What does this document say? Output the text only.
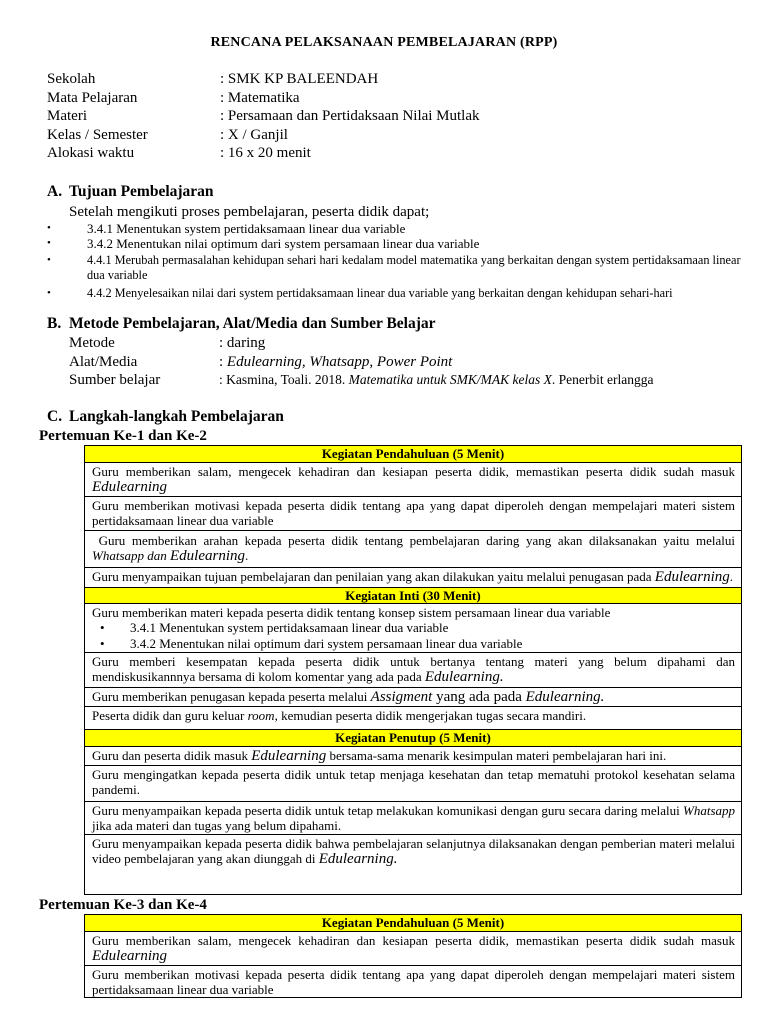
RENCANA PELAKSANAAN PEMBELAJARAN (RPP)
Sekolah	: SMK KP BALEENDAH
Mata Pelajaran	: Matematika
Materi	: Persamaan dan Pertidaksaan Nilai Mutlak
Kelas / Semester	: X / Ganjil
Alokasi waktu	: 16 x 20 menit
A. Tujuan Pembelajaran
Setelah mengikuti proses pembelajaran, peserta didik dapat;
•	3.4.1 Menentukan system pertidaksamaan linear dua variable
•	3.4.2 Menentukan nilai optimum dari system persamaan linear dua variable
•	4.4.1 Merubah permasalahan kehidupan sehari hari kedalam model matematika yang berkaitan dengan system pertidaksamaan linear dua variable
•	4.4.2 Menyelesaikan nilai dari system pertidaksamaan linear dua variable yang berkaitan dengan kehidupan sehari-hari
B. Metode Pembelajaran, Alat/Media dan Sumber Belajar
Metode	: daring
Alat/Media	: Edulearning, Whatsapp, Power Point
Sumber belajar	: Kasmina, Toali. 2018. Matematika untuk SMK/MAK kelas X. Penerbit erlangga
C. Langkah-langkah Pembelajaran
Pertemuan Ke-1 dan Ke-2
Kegiatan Pendahuluan (5 Menit)
Guru memberikan salam, mengecek kehadiran dan kesiapan peserta didik, memastikan peserta didik sudah masuk Edulearning
Guru memberikan motivasi kepada peserta didik tentang apa yang dapat diperoleh dengan mempelajari materi sistem pertidaksamaan linear dua variable
Guru memberikan arahan kepada peserta didik tentang pembelajaran daring yang akan dilaksanakan yaitu melalui Whatsapp dan Edulearning.
Guru menyampaikan tujuan pembelajaran dan penilaian yang akan dilakukan yaitu melalui penugasan pada Edulearning.
Kegiatan Inti (30 Menit)
Guru memberikan materi kepada peserta didik tentang konsep sistem persamaan linear dua variable
•	3.4.1 Menentukan system pertidaksamaan linear dua variable
•	3.4.2 Menentukan nilai optimum dari system persamaan linear dua variable
Guru memberi kesempatan kepada peserta didik untuk bertanya tentang materi yang belum dipahami dan mendiskusikannnya bersama di kolom komentar yang ada pada Edulearning.
Guru memberikan penugasan kepada peserta melalui Assigment yang ada pada Edulearning.
Peserta didik dan guru keluar room, kemudian peserta didik mengerjakan tugas secara mandiri.
Kegiatan Penutup (5 Menit)
Guru dan peserta didik masuk Edulearning bersama-sama menarik kesimpulan materi pembelajaran hari ini.
Guru mengingatkan kepada peserta didik untuk tetap menjaga kesehatan dan tetap mematuhi protokol kesehatan selama pandemi.
Guru menyampaikan kepada peserta didik untuk tetap melakukan komunikasi dengan guru secara daring melalui Whatsapp jika ada materi dan tugas yang belum dipahami.
Guru menyampaikan kepada peserta didik bahwa pembelajaran selanjutnya dilaksanakan dengan pemberian materi melalui video pembelajaran yang akan diunggah di Edulearning.
Pertemuan Ke-3 dan Ke-4
Kegiatan Pendahuluan (5 Menit)
Guru memberikan salam, mengecek kehadiran dan kesiapan peserta didik, memastikan peserta didik sudah masuk Edulearning
Guru memberikan motivasi kepada peserta didik tentang apa yang dapat diperoleh dengan mempelajari materi sistem pertidaksamaan linear dua variable
